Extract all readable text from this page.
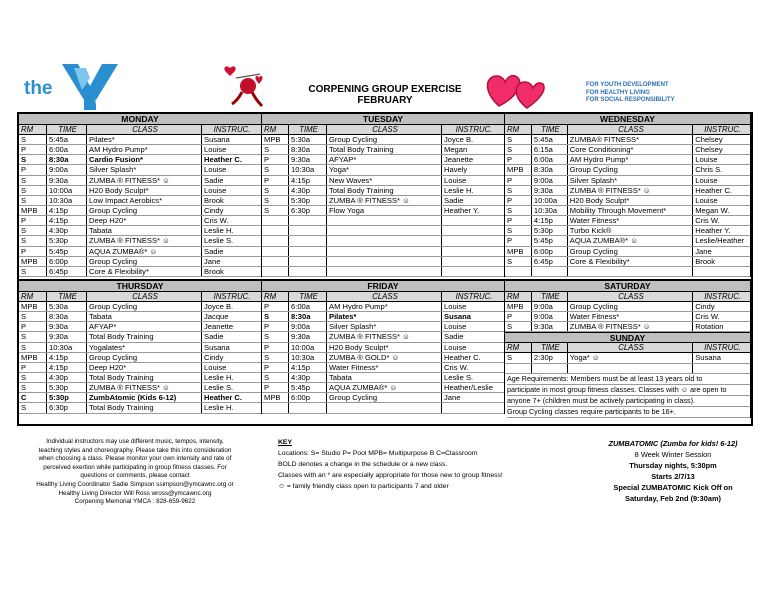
the
YMCA
CORPENING GROUP EXERCISE
FEBRUARY
FOR YOUTH DEVELOPMENT
FOR HEALTHY LIVING
FOR SOCIAL RESPONSIBILITY
MONDAY
RM	TIME	CLASS	INSTRUC.
S	5:45a	Pilates*	Susana
P	6:00a	AM Hydro Pump*	Louise
S	8:30a	Cardio Fusion*	Heather C.
P	9:00a	Silver Splash*	Louise
S	9:30a	ZUMBA ® FITNESS* ☺	Sadie
S	10:00a	H20 Body Sculpt*	Louise
S	10:30a	Low Impact Aerobics*	Brook
MPB	4:15p	Group Cycling	Cindy
P	4:15p	Deep H20*	Cris W.
S	4:30p	Tabata	Leslie H.
S	5:30p	ZUMBA ® FITNESS* ☺	Leslie S.
P	5:45p	AQUA ZUMBA®* ☺	Sadie
MPB	6:00p	Group Cycling	Jane
S	6:45p	Core & Flexibility*	Brook
TUESDAY
RM	TIME	CLASS	INSTRUC.
MPB	5:30a	Group Cycling	Joyce B.
S	8:30a	Total Body Training	Megan
P	9:30a	AFYAP*	Jeanette
S	10:30a	Yoga*	Havely
P	4:15p	New Waves*	Louise
S	4:30p	Total Body Training	Leslie H.
S	5:30p	ZUMBA ® FITNESS* ☺	Sadie
S	6:30p	Flow Yoga	Heather Y.
WEDNESDAY
RM	TIME	CLASS	INSTRUC.
S	5:45a	ZUMBA® FITNESS*	Chelsey
S	6:15a	Core Conditioning*	Chelsey
P	6:00a	AM Hydro Pump*	Louise
MPB	8:30a	Group Cycling	Chris S.
P	9:00a	Silver Splash*	Louise
S	9:30a	ZUMBA ® FITNESS* ☺	Heather C.
P	10:00a	H20 Body Sculpt*	Louise
S	10:30a	Mobility Through Movement*	Megan W.
P	4:15p	Water Fitness*	Cris W.
S	5:30p	Turbo Kick®	Heather Y.
P	5:45p	AQUA ZUMBA®* ☺	Leslie/Heather
MPB	6:00p	Group Cycling	Jane
S	6:45p	Core & Flexibility*	Brook
THURSDAY
RM	TIME	CLASS	INSTRUC.
MPB	5:30a	Group Cycling	Joyce B.
S	8:30a	Tabata	Jacque
P	9:30a	AFYAP*	Jeanette
S	9:30a	Total Body Training	Sadie
S	10:30a	Yogalates*	Susana
MPB	4:15p	Group Cycling	Cindy
P	4:15p	Deep H20*	Louise
S	4:30p	Total Body Training	Leslie H.
S	5:30p	ZUMBA ® FITNESS* ☺	Leslie S.
C	5:30p	ZumbAtomic (Kids 6-12)	Heather C.
S	6:30p	Total Body Training	Leslie H.
FRIDAY
RM	TIME	CLASS	INSTRUC.
P	6:00a	AM Hydro Pump*	Louise
S	8:30a	Pilates*	Susana
P	9:00a	Silver Splash*	Louise
S	9:30a	ZUMBA ® FITNESS* ☺	Sadie
P	10:00a	H20 Body Sculpt*	Louise
S	10:30a	ZUMBA ® GOLD* ☺	Heather C.
P	4:15p	Water Fitness*	Cris W.
S	4:30p	Tabata	Leslie S.
P	5:45p	AQUA ZUMBA®* ☺	Heather/Leslie
MPB	6:00p	Group Cycling	Jane
SATURDAY
RM	TIME	CLASS	INSTRUC.
MPB	9:00a	Group Cycling	Cindy
P	9:00a	Water Fitness*	Cris W.
S	9:30a	ZUMBA ® FITNESS* ☺	Rotation
SUNDAY
RM	TIME	CLASS	INSTRUC.
S	2:30p	Yoga* ☺	Susana
Age Requirements: Members must be at least 13 years old to
participate in most group fitness classes. Classes with ☺ are open to
anyone 7+ (children must be actively participating in class).
Group Cycling classes require participants to be 16+.
Individual instructors may use different music, tempos, intensity,
teaching styles and choreography. Please take this into consideration
when choosing a class. Please monitor your own intensity and rate of
perceived exertion while participating in group fitness classes. For
questions or comments, please contact
Healthy Living Coordinator Sadie Simpson ssimpson@ymcawnc.org or
Healthy Living Director Will Ross wross@ymcawnc.org
Corpening Memorial YMCA : 828-659-9622
KEY
Locations: S= Studio P= Pool MPB= Multipurpose B C=Classroom
BOLD denotes a change in the schedule or a new class.
Classes with an * are especially appropriate for those new to group fitness!
☺ = family friendly class open to participants 7 and older
ZUMBATOMIC (Zumba for kids! 6-12)
8 Week Winter Session
Thursday nights, 5:30pm
Starts 2/7/13
Special ZUMBATOMIC Kick Off on
Saturday, Feb 2nd (9:30am)
